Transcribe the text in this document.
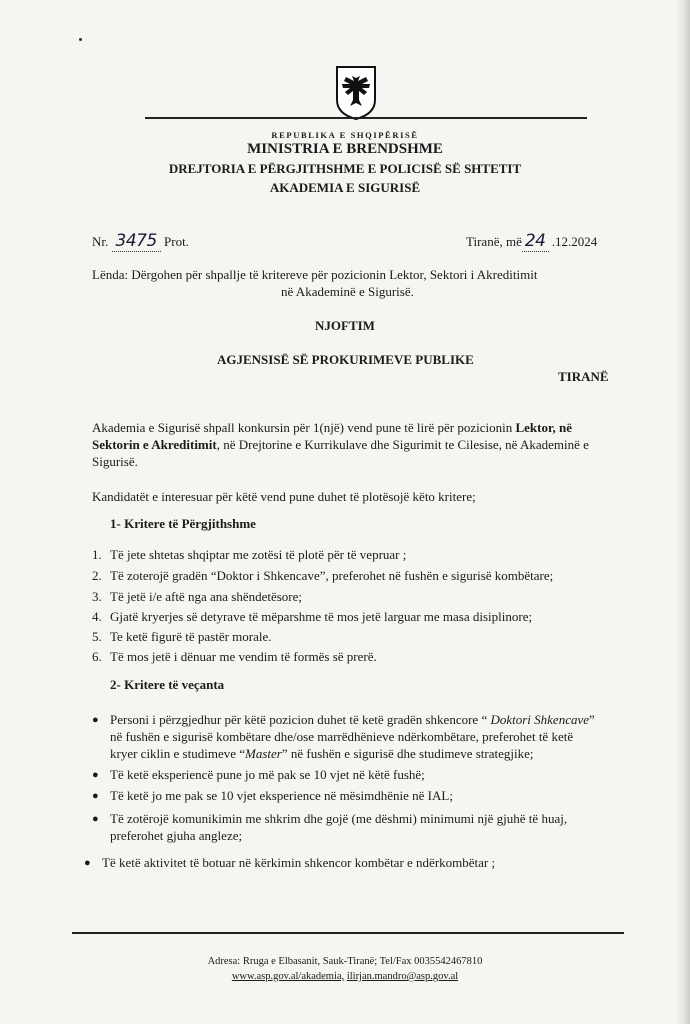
REPUBLIKA E SHQIPËRISË

MINISTRIA E BRENDSHME

DREJTORIA E PËRGJITHSHME E POLICISË SË SHTETIT

AKADEMIA E SIGURISË

Nr. 3475 Prot.	Tiranë, më 24 .12.2024

Lënda: Dërgohen për shpallje të kritereve për pozicionin Lektor, Sektori i Akreditimit

në Akademinë e Sigurisë.

NJOFTIM

AGJENSISË SË PROKURIMEVE PUBLIKE

TIRANË

Akademia e Sigurisë shpall konkursin për 1(një) vend pune të lirë për pozicionin Lektor, në

Sektorin e Akreditimit, në Drejtorine e Kurrikulave dhe Sigurimit te Cilesise, në Akademinë e

Sigurisë.

Kandidatët e interesuar për këtë vend pune duhet të plotësojë këto kritere;

1- Kritere të Përgjithshme

1. Të jete shtetas shqiptar me zotësi të plotë për të vepruar ;

2. Të zoterojë gradën “Doktor i Shkencave”, preferohet në fushën e sigurisë kombëtare;

3. Të jetë i/e aftë nga ana shëndetësore;

4. Gjatë kryerjes së detyrave të mëparshme të mos jetë larguar me masa disiplinore;

5. Te ketë figurë të pastër morale.

6. Të mos jetë i dënuar me vendim të formës së prerë.

2- Kritere të veçanta

● Personi i përzgjedhur për këtë pozicion duhet të ketë gradën shkencore “ Doktori Shkencave”

në fushën e sigurisë kombëtare dhe/ose marrëdhënieve ndërkombëtare, preferohet të ketë

kryer ciklin e studimeve “Master” në fushën e sigurisë dhe studimeve strategjike;

● Të ketë eksperiencë pune jo më pak se 10 vjet në këtë fushë;

● Të ketë jo me pak se 10 vjet eksperience në mësimdhënie në IAL;

● Të zotërojë komunikimin me shkrim dhe gojë (me dëshmi) minimumi një gjuhë të huaj,

preferohet gjuha angleze;

● Të ketë aktivitet të botuar në kërkimin shkencor kombëtar e ndërkombëtar ;

Adresa: Rruga e Elbasanit, Sauk-Tiranë; Tel/Fax 0035542467810

www.asp.gov.al/akademia, ilirjan.mandro@asp.gov.al
